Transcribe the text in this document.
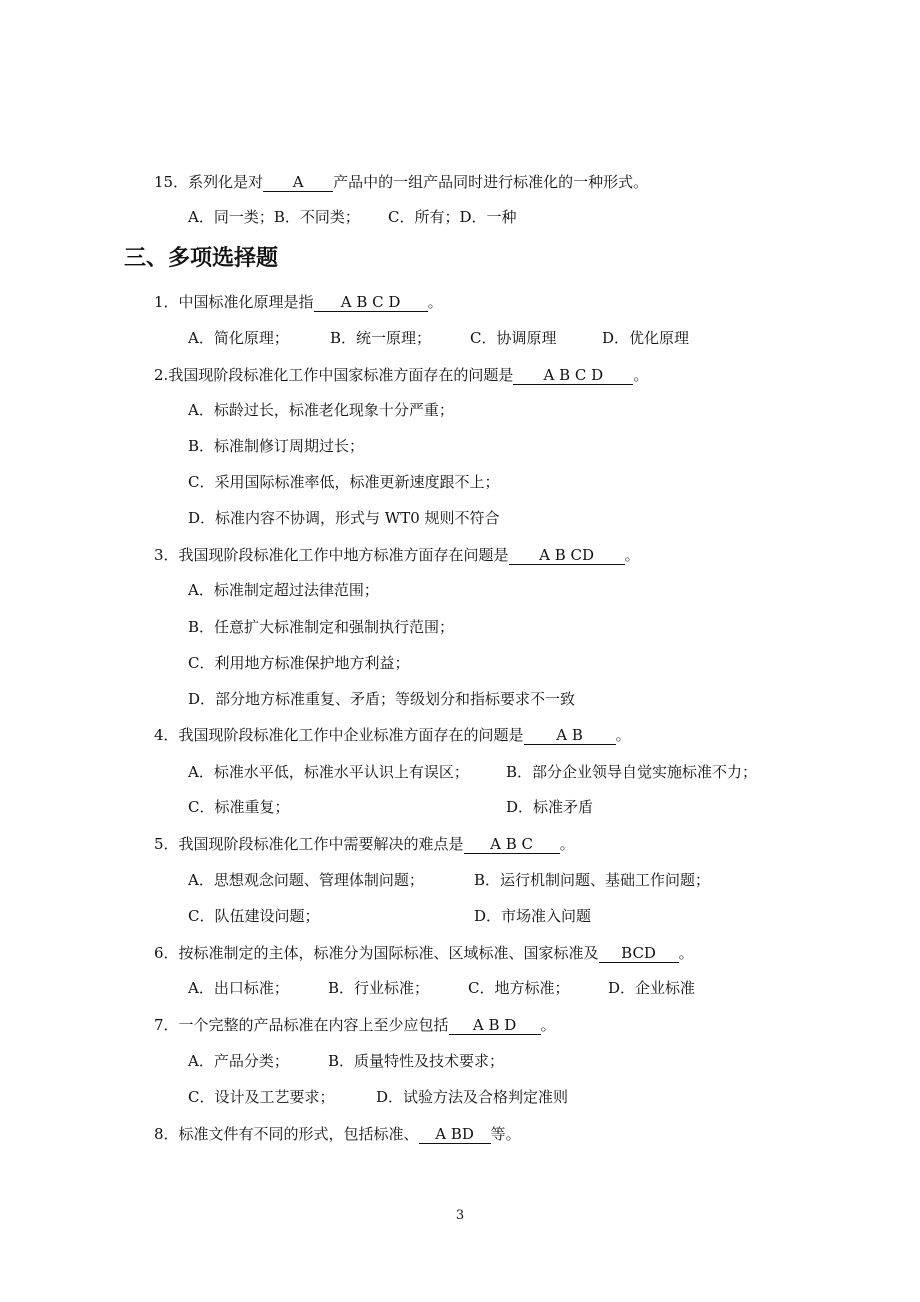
15．系列化是对 A 产品中的一组产品同时进行标准化的一种形式。
A．同一类；B．不同类； C．所有；D．一种
三、多项选择题
1．中国标准化原理是指 A B C D 。
A．简化原理；	B．统一原理；	C．协调原理	D．优化原理
2.我国现阶段标准化工作中国家标准方面存在的问题是 A B C D 。
A．标龄过长，标准老化现象十分严重；
B．标准制修订周期过长；
C．采用国际标准率低，标准更新速度跟不上；
D．标准内容不协调，形式与 WT0 规则不符合
3．我国现阶段标准化工作中地方标准方面存在问题是 A B CD 。
A．标准制定超过法律范围；
B．任意扩大标准制定和强制执行范围；
C．利用地方标准保护地方利益；
D．部分地方标准重复、矛盾；等级划分和指标要求不一致
4．我国现阶段标准化工作中企业标准方面存在的问题是 A B 。
A．标准水平低，标准水平认识上有误区； B．部分企业领导自觉实施标准不力；
C．标准重复；	D．标准矛盾
5．我国现阶段标准化工作中需要解决的难点是 A B C 。
A．思想观念问题、管理体制问题；	B．运行机制问题、基础工作问题；
C．队伍建设问题；	D．市场准入问题
6．按标准制定的主体，标准分为国际标准、区域标准、国家标准及 BCD 。
A．出口标准；	B．行业标准；	C．地方标准；	D．企业标准
7．一个完整的产品标准在内容上至少应包括 A B D 。
A．产品分类；	B．质量特性及技术要求；
C．设计及工艺要求；	D．试验方法及合格判定准则
8．标准文件有不同的形式，包括标准、 A BD 等。
3
